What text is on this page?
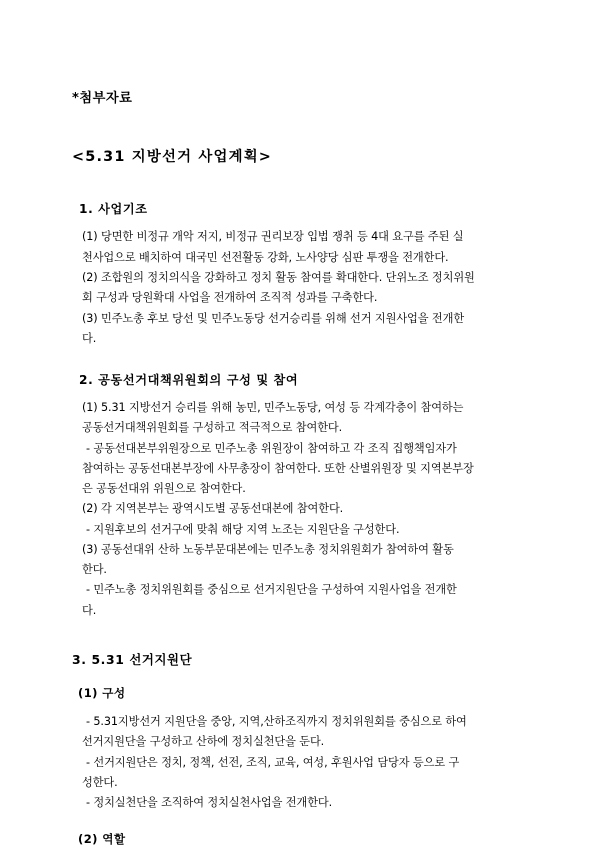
*첨부자료
<5.31 지방선거 사업계획>
1. 사업기조
(1) 당면한 비정규 개악 저지, 비정규 권리보장 입법 쟁취 등 4대 요구를 주된 실
천사업으로 배치하여 대국민 선전활동 강화, 노사양당 심판 투쟁을 전개한다.
(2) 조합원의 정치의식을 강화하고 정치 활동 참여를 확대한다. 단위노조 정치위원
회 구성과 당원확대 사업을 전개하여 조직적 성과를 구축한다.
(3) 민주노총 후보 당선 및 민주노동당 선거승리를 위해 선거 지원사업을 전개한
다.
2. 공동선거대책위원회의 구성 및 참여
(1) 5.31 지방선거 승리를 위해 농민, 민주노동당, 여성 등 각계각층이 참여하는
공동선거대책위원회를 구성하고 적극적으로 참여한다.
- 공동선대본부위원장으로 민주노총 위원장이 참여하고 각 조직 집행책임자가
참여하는 공동선대본부장에 사무총장이 참여한다. 또한 산별위원장 및 지역본부장
은 공동선대위 위원으로 참여한다.
(2) 각 지역본부는 광역시도별 공동선대본에 참여한다.
- 지원후보의 선거구에 맞춰 해당 지역 노조는 지원단을 구성한다.
(3) 공동선대위 산하 노동부문대본에는 민주노총 정치위원회가 참여하여 활동
한다.
- 민주노총 정치위원회를 중심으로 선거지원단을 구성하여 지원사업을 전개한
다.
3. 5.31 선거지원단
(1) 구성
- 5.31지방선거 지원단을 중앙, 지역,산하조직까지 정치위원회를 중심으로 하여
선거지원단을 구성하고 산하에 정치실천단을 둔다.
- 선거지원단은 정치, 정책, 선전, 조직, 교육, 여성, 후원사업 담당자 등으로 구
성한다.
- 정치실천단을 조직하여 정치실천사업을 전개한다.
(2) 역할
